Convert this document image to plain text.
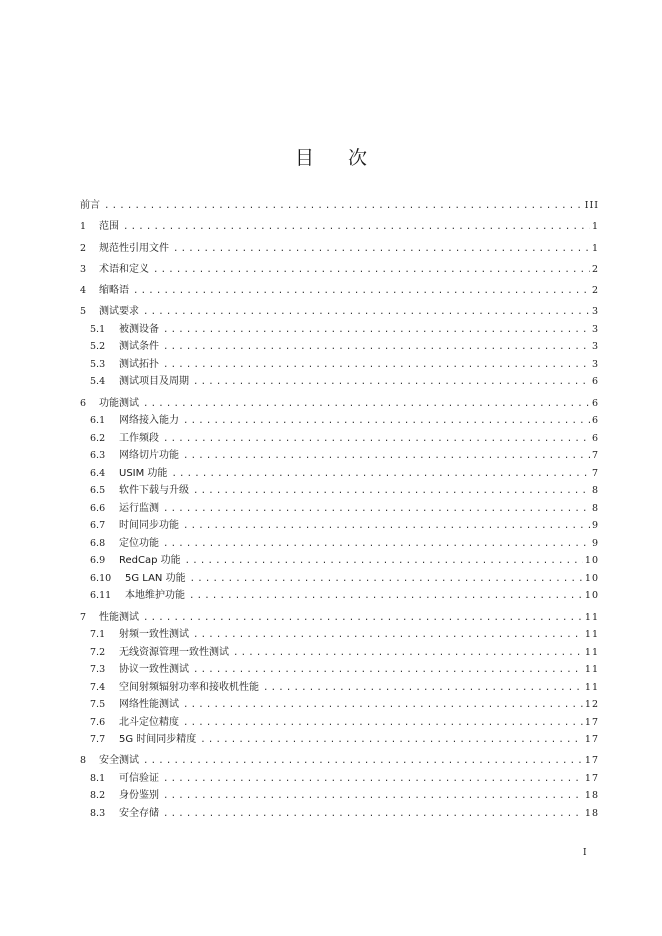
目 次
前言 .....	III
1	范围 .....	1
2	规范性引用文件 .....	1
3	术语和定义 .....	2
4	缩略语 .....	2
5	测试要求 .....	3
5.1	被测设备 .....	3
5.2	测试条件 .....	3
5.3	测试拓扑 .....	3
5.4	测试项目及周期 .....	6
6	功能测试 .....	6
6.1	网络接入能力 .....	6
6.2	工作频段 .....	6
6.3	网络切片功能 .....	7
6.4	USIM 功能 .....	7
6.5	软件下载与升级 .....	8
6.6	运行监测 .....	8
6.7	时间同步功能 .....	9
6.8	定位功能 .....	9
6.9	RedCap 功能 .....	10
6.10	5G LAN 功能 .....	10
6.11	本地维护功能 .....	10
7	性能测试 .....	11
7.1	射频一致性测试 .....	11
7.2	无线资源管理一致性测试 .....	11
7.3	协议一致性测试 .....	11
7.4	空间射频辐射功率和接收机性能 .....	11
7.5	网络性能测试 .....	12
7.6	北斗定位精度 .....	17
7.7	5G 时间同步精度 .....	17
8	安全测试 .....	17
8.1	可信验证 .....	17
8.2	身份鉴别 .....	18
8.3	安全存储 .....	18
I
